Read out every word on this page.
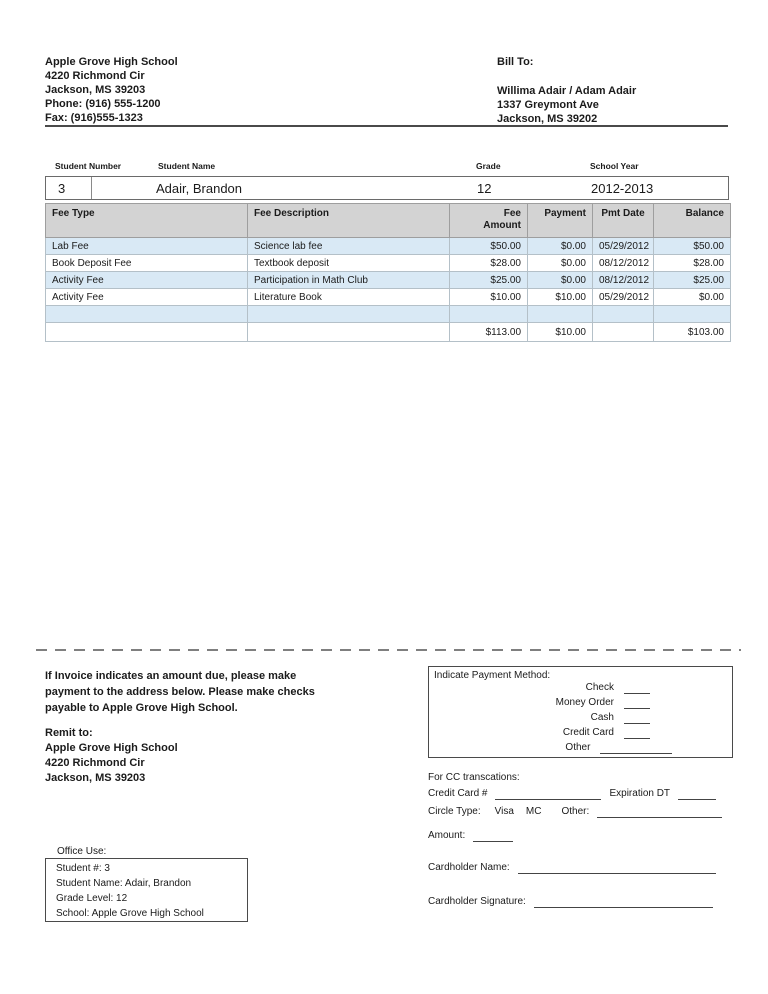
Apple Grove High School
4220 Richmond Cir
Jackson, MS 39203
Phone: (916) 555-1200
Fax: (916)555-1323
Bill To:
Willima Adair / Adam Adair
1337 Greymont Ave
Jackson, MS 39202
Student Number	Student Name	Grade	School Year
3	Adair, Brandon	12	2012-2013
Fee Type	Fee Description	Fee Amount	Payment	Pmt Date	Balance
Lab Fee	Science lab fee	$50.00	$0.00	05/29/2012	$50.00
Book Deposit Fee	Textbook deposit	$28.00	$0.00	08/12/2012	$28.00
Activity Fee	Participation in Math Club	$25.00	$0.00	08/12/2012	$25.00
Activity Fee	Literature Book	$10.00	$10.00	05/29/2012	$0.00

		$113.00	$10.00		$103.00
If Invoice indicates an amount due, please make
payment to the address below. Please make checks
payable to Apple Grove High School.
Remit to:
Apple Grove High School
4220 Richmond Cir
Jackson, MS 39203
Indicate Payment Method:
Check
Money Order
Cash
Credit Card
Other
For CC transcations:
Credit Card #	Expiration DT
Circle Type: Visa MC Other:
Amount:
Cardholder Name:
Cardholder Signature:
Office Use:
Student #: 3
Student Name: Adair, Brandon
Grade Level: 12
School: Apple Grove High School
